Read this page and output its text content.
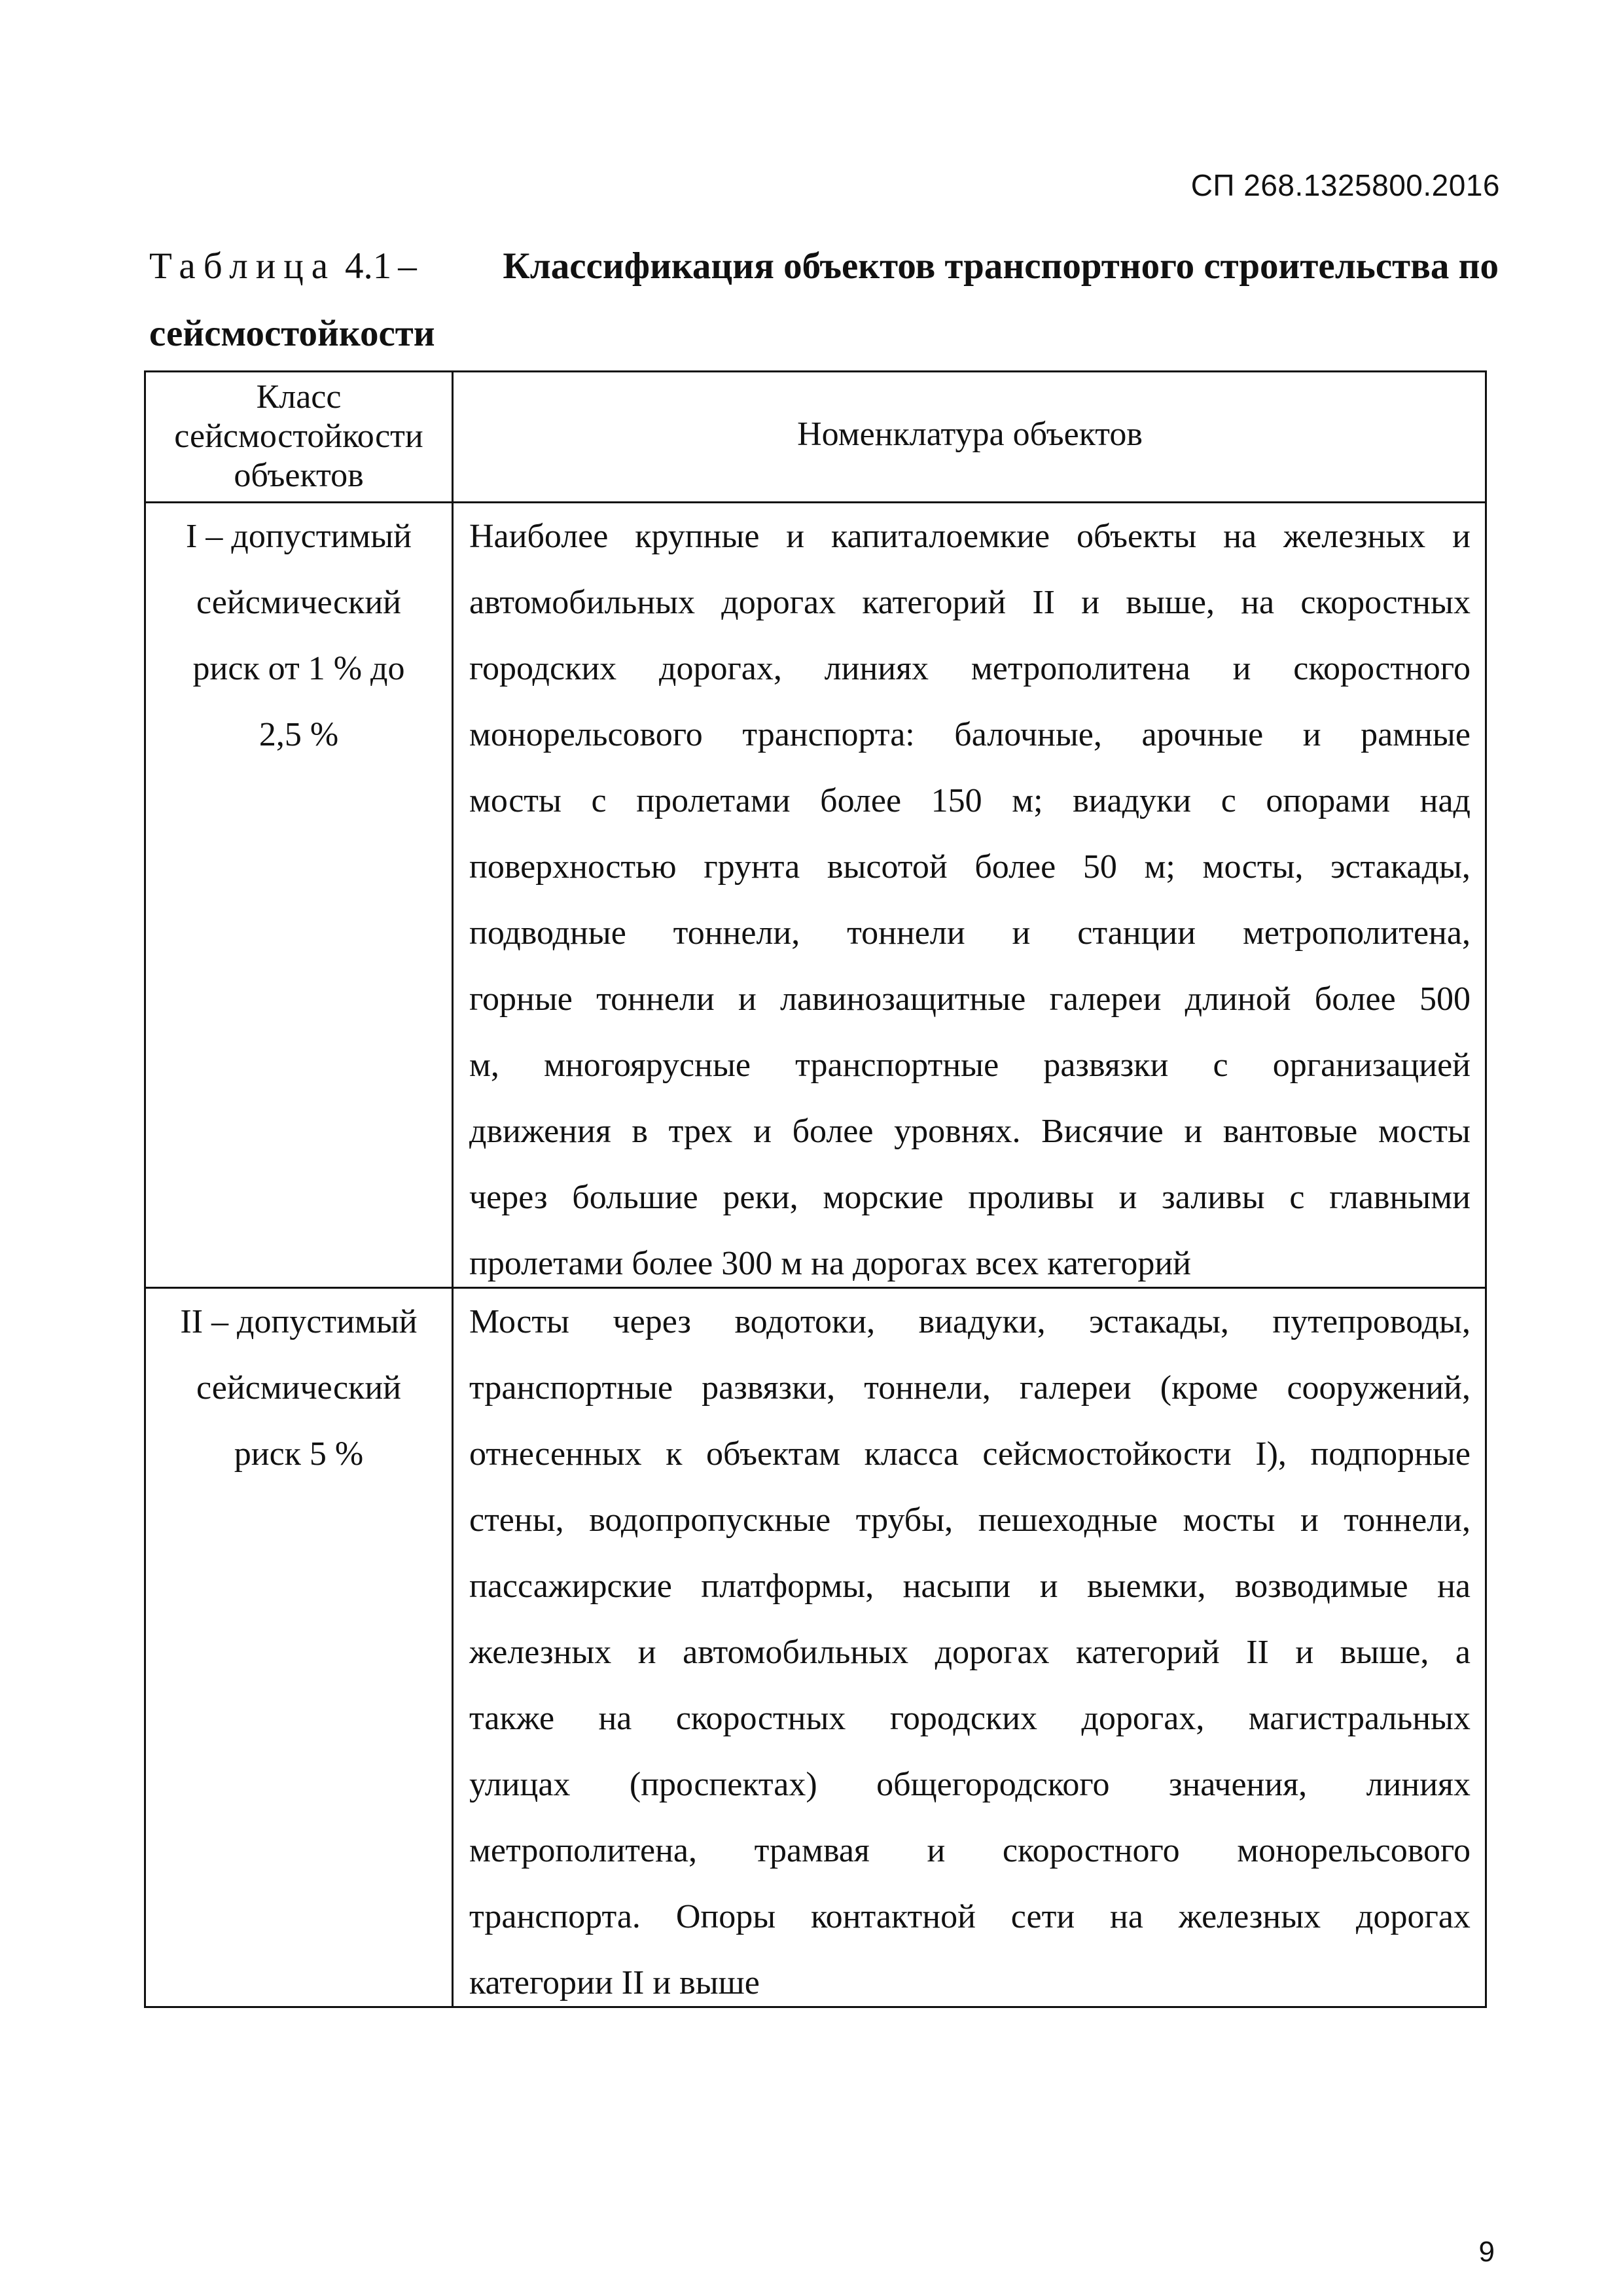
СП 268.1325800.2016
Таблица 4.1 – Классификация объектов транспортного строительства по
сейсмостойкости
Класс
сейсмостойкости
объектов
Номенклатура объектов
I – допустимый
сейсмический
риск от 1 % до
2,5 %
Наиболее крупные и капиталоемкие объекты на железных и
автомобильных дорогах категорий II и выше, на скоростных
городских дорогах, линиях метрополитена и скоростного
монорельсового транспорта: балочные, арочные и рамные
мосты с пролетами более 150 м; виадуки с опорами над
поверхностью грунта высотой более 50 м; мосты, эстакады,
подводные тоннели, тоннели и станции метрополитена,
горные тоннели и лавинозащитные галереи длиной более 500
м, многоярусные транспортные развязки с организацией
движения в трех и более уровнях. Висячие и вантовые мосты
через большие реки, морские проливы и заливы с главными
пролетами более 300 м на дорогах всех категорий
II – допустимый
сейсмический
риск 5 %
Мосты через водотоки, виадуки, эстакады, путепроводы,
транспортные развязки, тоннели, галереи (кроме сооружений,
отнесенных к объектам класса сейсмостойкости I), подпорные
стены, водопропускные трубы, пешеходные мосты и тоннели,
пассажирские платформы, насыпи и выемки, возводимые на
железных и автомобильных дорогах категорий II и выше, а
также на скоростных городских дорогах, магистральных
улицах (проспектах) общегородского значения, линиях
метрополитена, трамвая и скоростного монорельсового
транспорта. Опоры контактной сети на железных дорогах
категории II и выше
9
